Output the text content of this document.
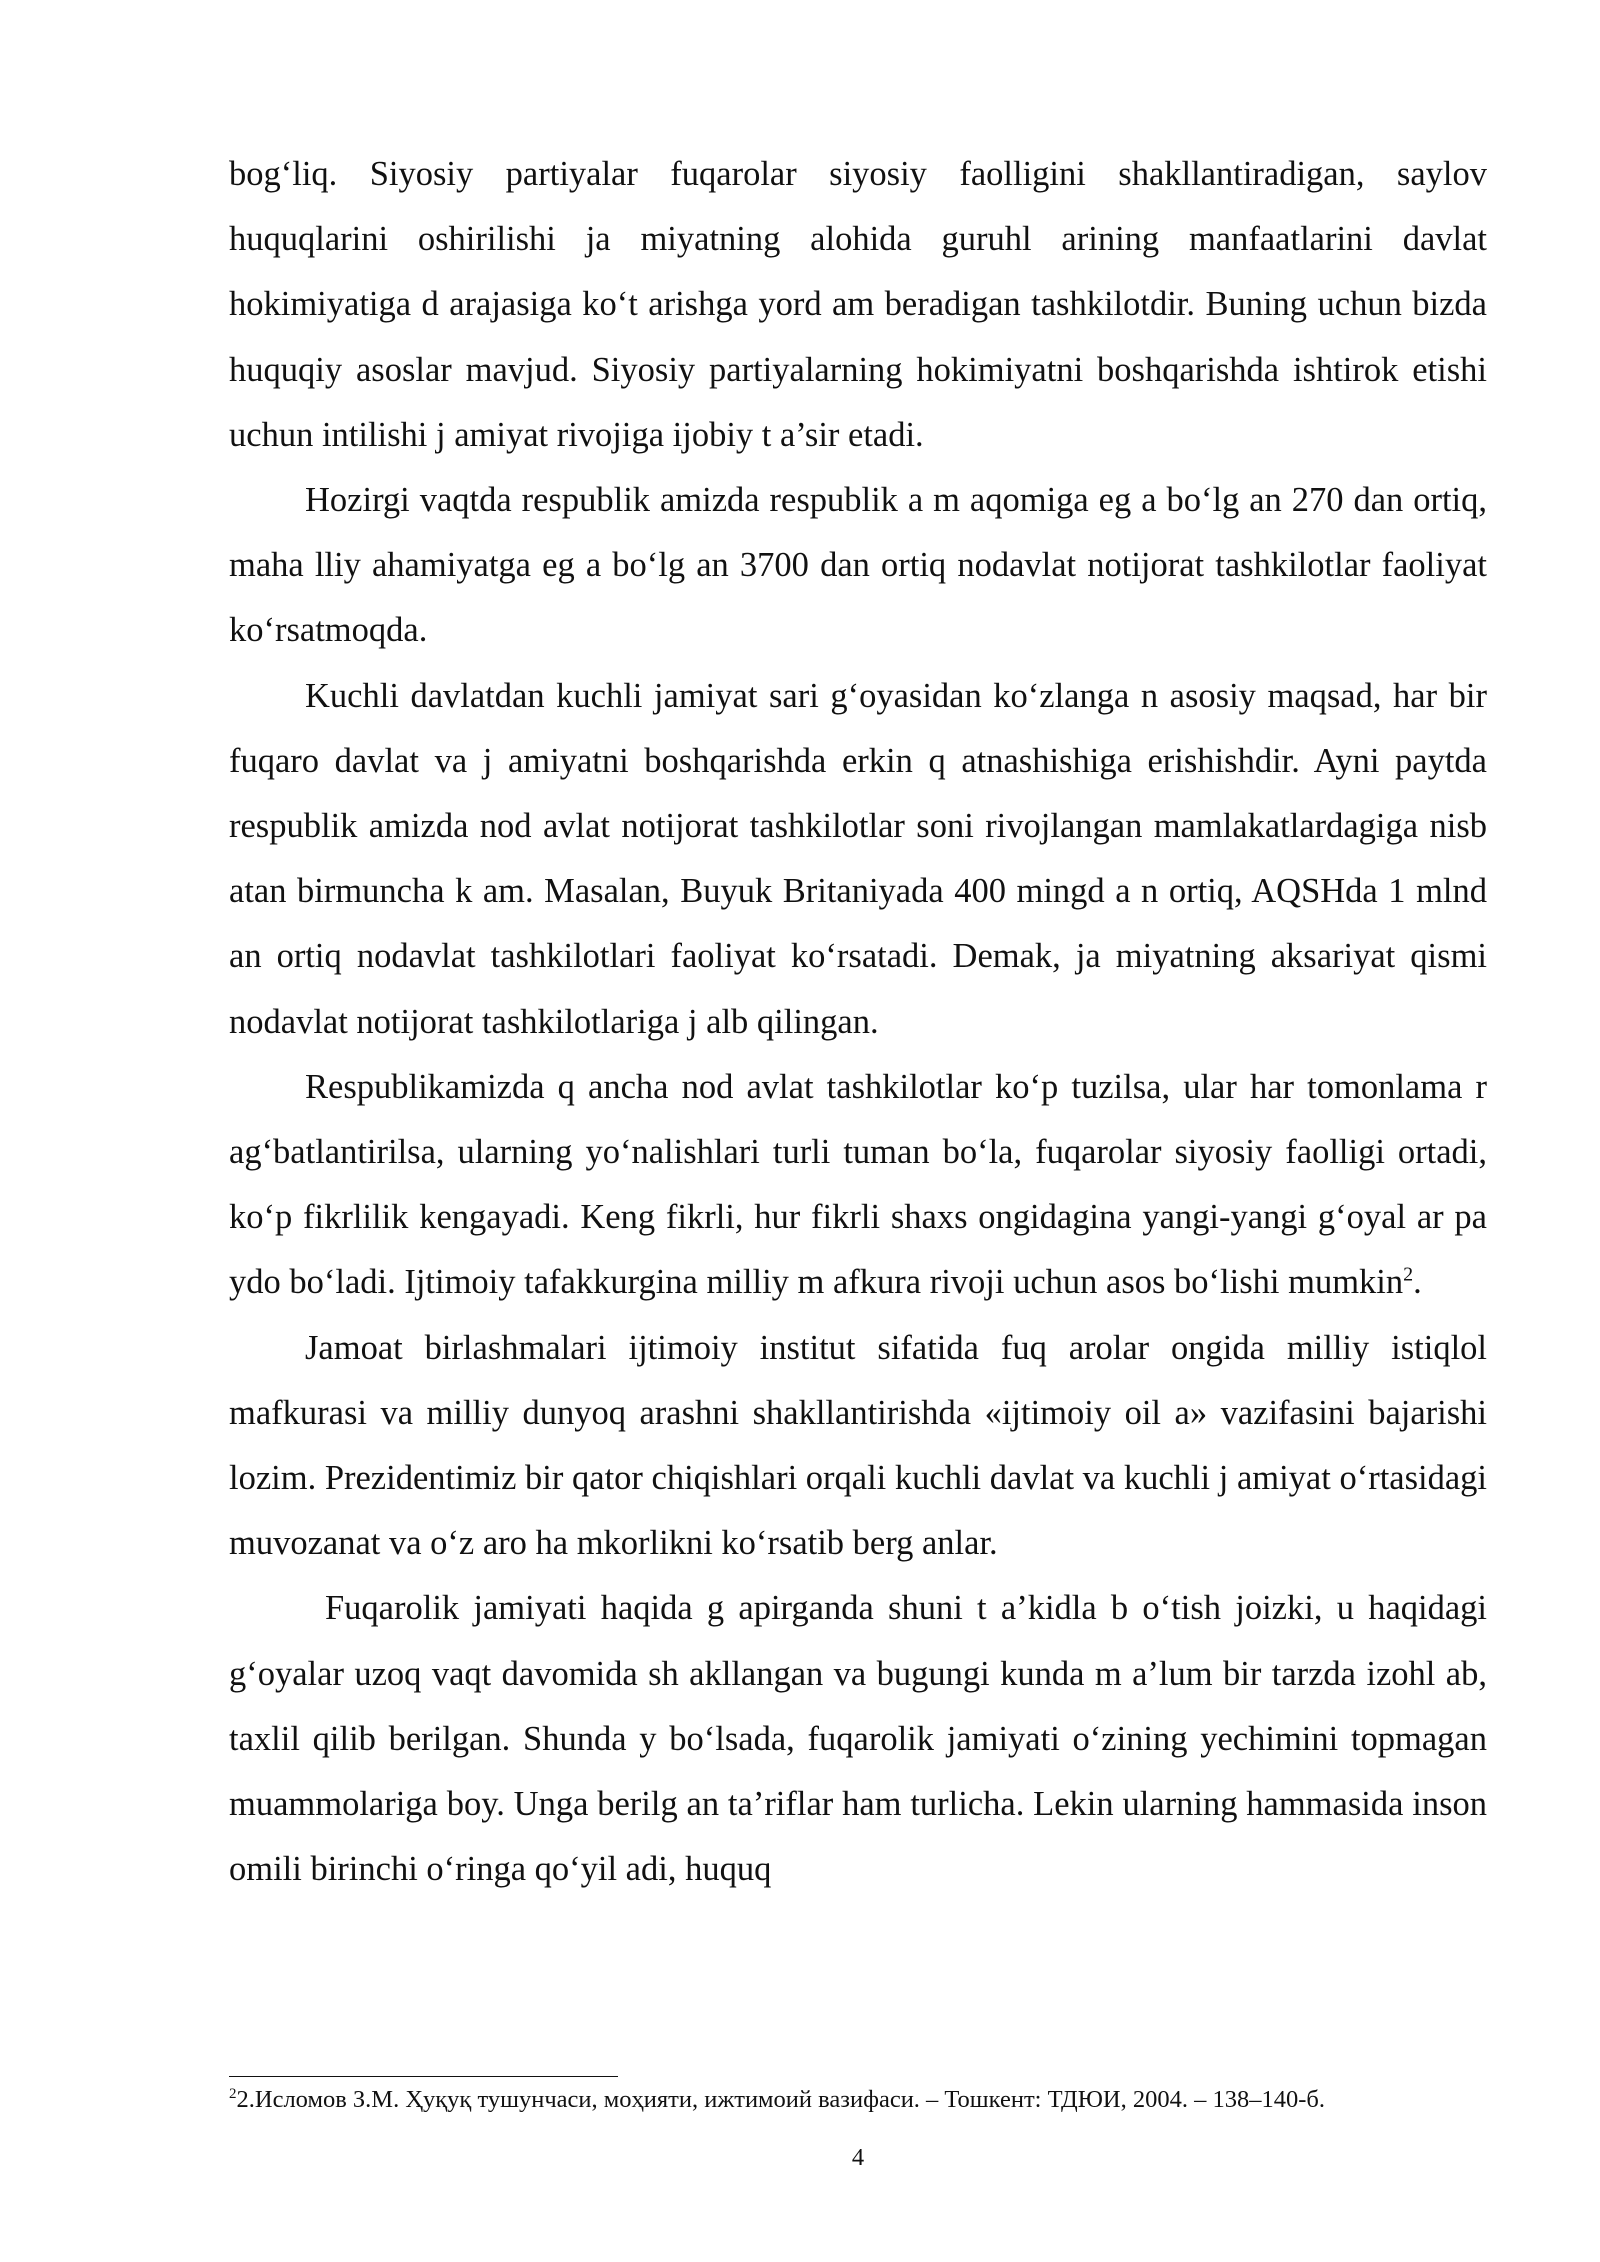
bog‘liq. Siyosiy partiyalar fuqarolar siyosiy faolligini shakllantiradigan, saylov huquqlarini oshirilishi ja miyatning alohida guruhl arining manfaatlarini davlat hokimiyatiga d arajasiga ko‘t arishga yord am beradigan tashkilotdir. Buning uchun bizda huquqiy asoslar mavjud. Siyosiy partiyalarning hokimiyatni boshqarishda ishtirok etishi uchun intilishi j amiyat rivojiga ijobiy t a’sir etadi.

Hozirgi vaqtda respublik amizda respublik a m aqomiga eg a bo‘lg an 270 dan ortiq, maha lliy ahamiyatga eg a bo‘lg an 3700 dan ortiq nodavlat notijorat tashkilotlar faoliyat ko‘rsatmoqda.

Kuchli davlatdan kuchli jamiyat sari g‘oyasidan ko‘zlanga n asosiy maqsad, har bir fuqaro davlat va j amiyatni boshqarishda erkin q atnashishiga erishishdir. Ayni paytda respublik amizda nod avlat notijorat tashkilotlar soni rivojlangan mamlakatlardagiga nisb atan birmuncha k am. Masalan, Buyuk Britaniyada 400 mingd a n ortiq, AQSHda 1 mlnd an ortiq nodavlat tashkilotlari faoliyat ko‘rsatadi. Demak, ja miyatning aksariyat qismi nodavlat notijorat tashkilotlariga j alb qilingan.

Respublikamizda q ancha nod avlat tashkilotlar ko‘p tuzilsa, ular har tomonlama r ag‘batlantirilsa, ularning yo‘nalishlari turli tuman bo‘la, fuqarolar siyosiy faolligi ortadi, ko‘p fikrlilik kengayadi. Keng fikrli, hur fikrli shaxs ongidagina yangi-yangi g‘oyal ar pa ydo bo‘ladi. Ijtimoiy tafakkurgina milliy m afkura rivoji uchun asos bo‘lishi mumkin$^2$.

Jamoat birlashmalari ijtimoiy institut sifatida fuq arolar ongida milliy istiqlol mafkurasi va milliy dunyoq arashni shakllantirishda «ijtimoiy oil a» vazifasini bajarishi lozim. Prezidentimiz bir qator chiqishlari orqali kuchli davlat va kuchli j amiyat o‘rtasidagi muvozanat va o‘z aro ha mkorlikni ko‘rsatib berg anlar.

Fuqarolik jamiyati haqida g apirganda shuni t a’kidla b o‘tish joizki, u haqidagi g‘oyalar uzoq vaqt davomida sh akllangan va bugungi kunda m a’lum bir tarzda izohl ab, taxlil qilib berilgan. Shunda y bo‘lsada, fuqarolik jamiyati o‘zining yechimini topmagan muammolariga boy. Unga berilg an ta’riflar ham turlicha. Lekin ularning hammasida inson omili birinchi o‘ringa qo‘yil adi, huquq

$^2$2.Исломов З.М. Ҳуқуқ тушунчаси, моҳияти, ижтимоий вазифаси. – Тошкент: ТДЮИ, 2004. – 138–140-б.
4
